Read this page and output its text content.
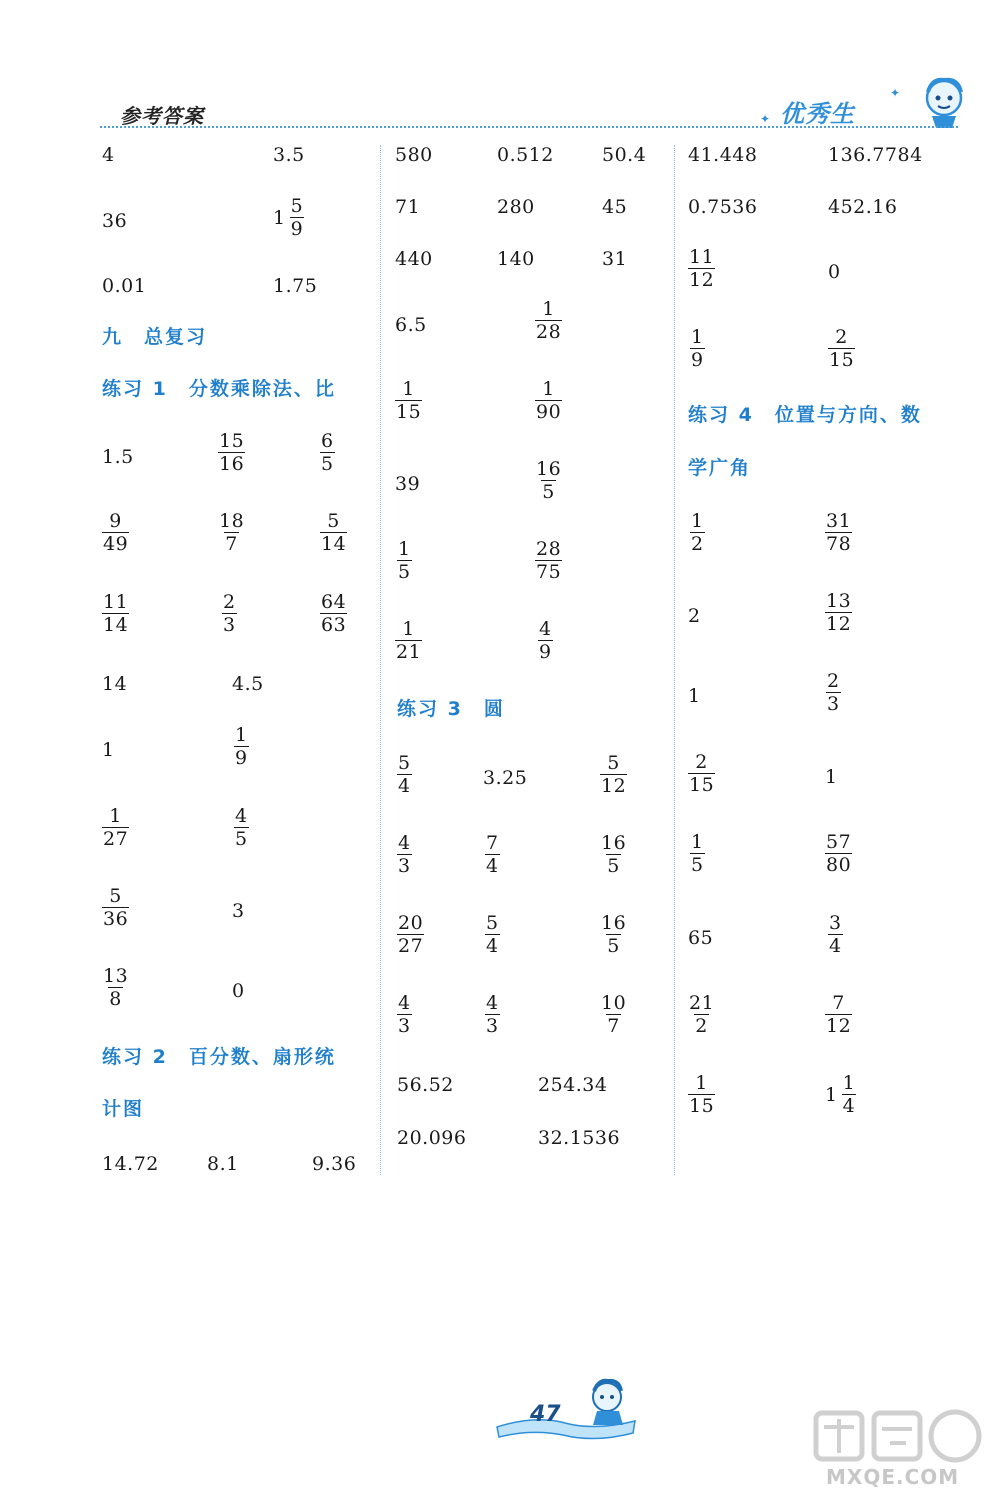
参考答案	优秀生
✦
✦
4	3.5
36	$1 \frac{5}{9}$
0.01	1.75
九　总复习
练习 1　分数乘除法、比
1.5	$\frac{15}{16}$	$\frac{6}{5}$
$\frac{9}{49}$	$\frac{18}{7}$	$\frac{5}{14}$
$\frac{11}{14}$	$\frac{2}{3}$	$\frac{64}{63}$
14	4.5
1	$\frac{1}{9}$
$\frac{1}{27}$	$\frac{4}{5}$
$\frac{5}{36}$	3
$\frac{13}{8}$	0
练习 2　百分数、扇形统
计图
14.72	8.1	9.36
580	0.512	50.4
71	280	45
440	140	31
6.5	$\frac{1}{28}$
$\frac{1}{15}$	$\frac{1}{90}$
39	$\frac{16}{5}$
$\frac{1}{5}$	$\frac{28}{75}$
$\frac{1}{21}$	$\frac{4}{9}$
练习 3　圆
$\frac{5}{4}$	3.25	$\frac{5}{12}$
$\frac{4}{3}$	$\frac{7}{4}$	$\frac{16}{5}$
$\frac{20}{27}$	$\frac{5}{4}$	$\frac{16}{5}$
$\frac{4}{3}$	$\frac{4}{3}$	$\frac{10}{7}$
56.52	254.34
20.096	32.1536
41.448	136.7784
0.7536	452.16
$\frac{11}{12}$	0
$\frac{1}{9}$	$\frac{2}{15}$
练习 4　位置与方向、数
学广角
$\frac{1}{2}$	$\frac{31}{78}$
2	$\frac{13}{12}$
1	$\frac{2}{3}$
$\frac{2}{15}$	1
$\frac{1}{5}$	$\frac{57}{80}$
65	$\frac{3}{4}$
$\frac{21}{2}$	$\frac{7}{12}$
$\frac{1}{15}$	$1 \frac{1}{4}$
47
MXQE.COM
